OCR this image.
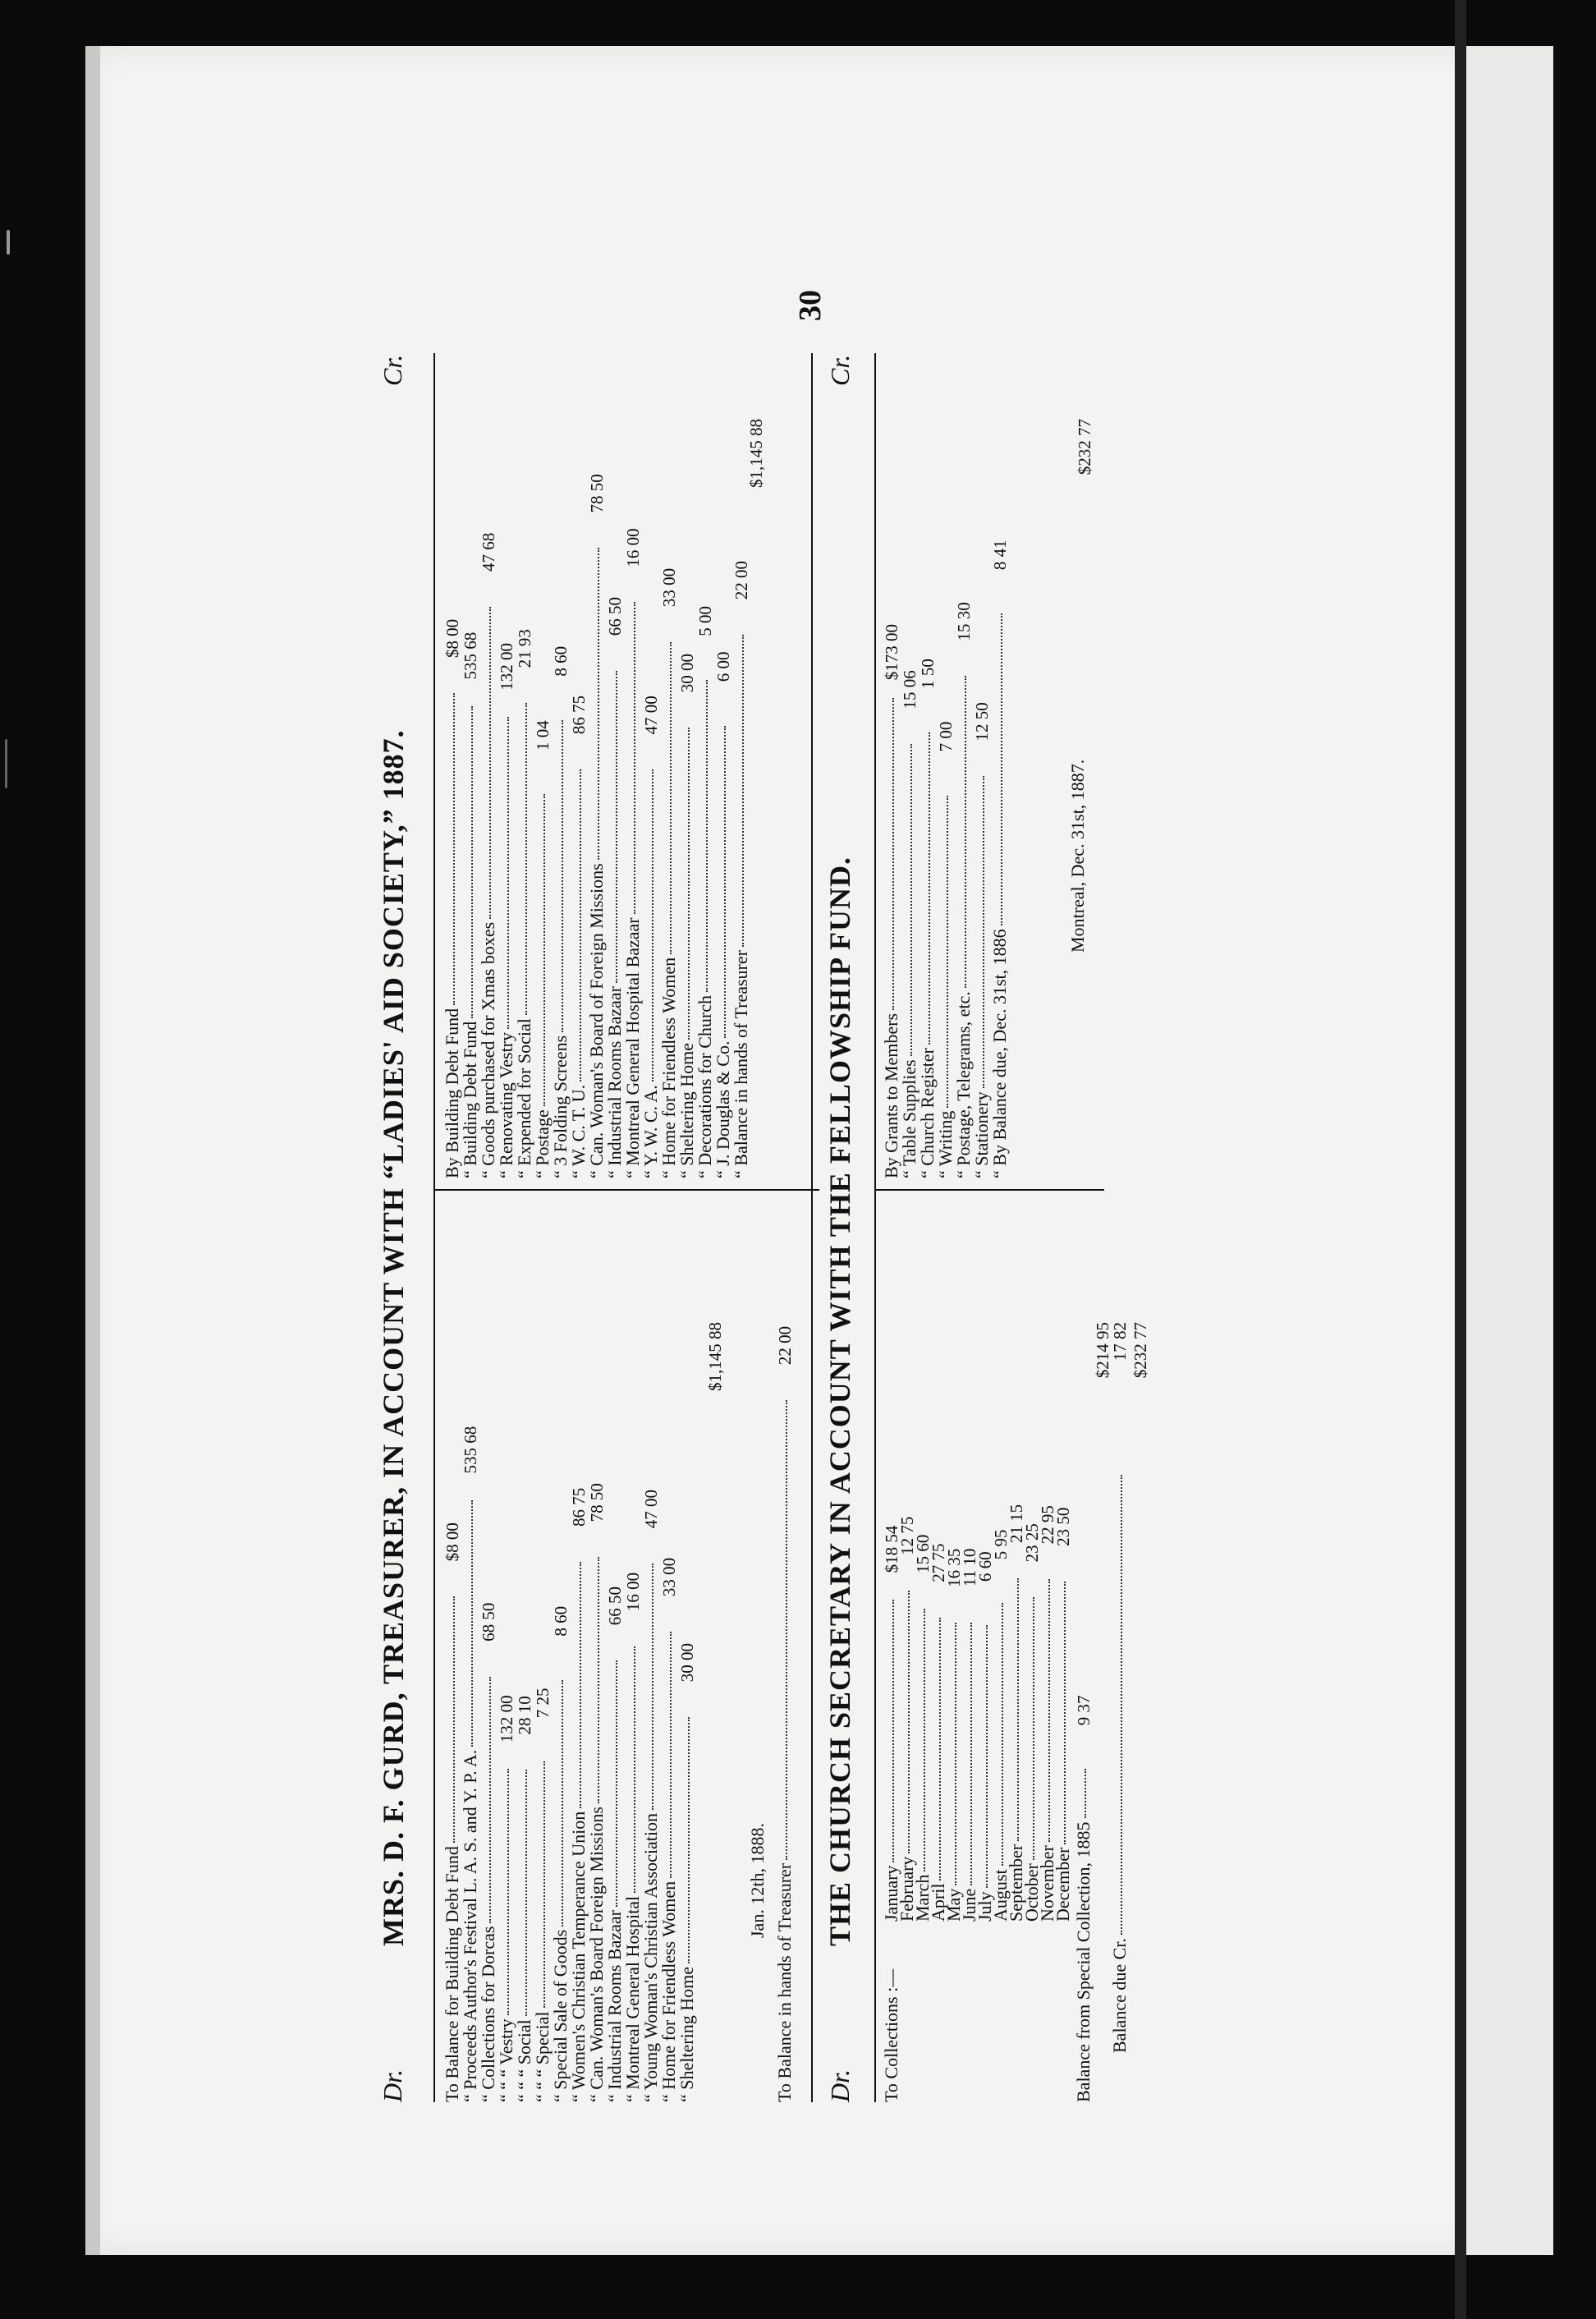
30
Dr.
MRS. D. F. GURD, TREASURER, IN ACCOUNT WITH “LADIES' AID SOCIETY,” 1887.
Cr.
To Balance for Building Debt Fund$8 00
“ Proceeds Author's Festival L. A. S. and Y. P. A.535 68
“ Collections for Dorcas68 50
“ “ “ Vestry132 00
“ “ “ Social28 10
“ “ “ Special7 25
“ Special Sale of Goods8 60
“ Women's Christian Temperance Union86 75
“ Can. Woman's Board Foreign Missions78 50
“ Industrial Rooms Bazaar66 50
“ Montreal General Hospital16 00
“ Young Woman's Christian Association47 00
“ Home for Friendless Women33 00
“ Sheltering Home30 00
By Building Debt Fund$8 00
“ Building Debt Fund535 68
“ Goods purchased for Xmas boxes47 68
“ Renovating Vestry132 00
“ Expended for Social21 93
“ Postage1 04
“ 3 Folding Screens8 60
“ W. C. T. U.86 75
“ Can. Woman's Board of Foreign Missions78 50
“ Industrial Rooms Bazaar66 50
“ Montreal General Hospital Bazaar16 00
“ Y. W. C. A.47 00
“ Home for Friendless Women33 00
“ Sheltering Home30 00
“ Decorations for Church5 00
“ J. Douglas & Co.6 00
“ Balance in hands of Treasurer22 00
$1,145 88
$1,145 88
Jan. 12th, 1888. To Balance in hands of Treasurer22 00
Dr.
THE CHURCH SECRETARY IN ACCOUNT WITH THE FELLOWSHIP FUND.
Cr.
To Collections :—
January$18 54
February12 75
March15 60
April27 75
May16 35
June11 10
July6 60
August5 95
September21 15
October23 25
November22 95
December23 50
Balance from Special Collection, 18859 37
$214 95
17 82
Balance due Cr.
$232 77
By Grants to Members$173 00
“ Table Supplies15 06
“ Church Register1 50
“ Writing7 00
“ Postage, Telegrams, etc.15 30
“ Stationery12 50
“ By Balance due, Dec. 31st, 18868 41
Montreal, Dec. 31st, 1887.
$232 77
